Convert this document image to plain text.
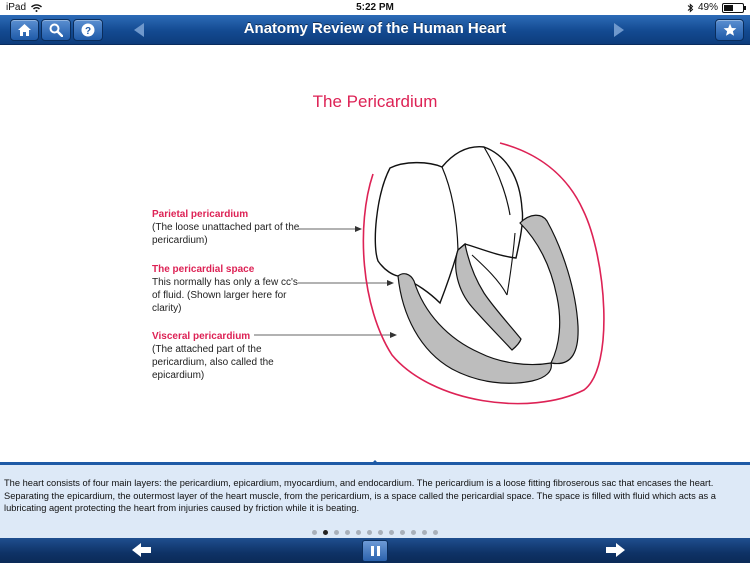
iPad	5:22 PM	49%
?	Anatomy Review of the Human Heart
The Pericardium
Parietal pericardium
(The loose unattached part of the pericardium)
The pericardial space
This normally has only a few cc's of fluid. (Shown larger here for clarity)
Visceral pericardium
(The attached part of the pericardium, also called the epicardium)
The heart consists of four main layers: the pericardium, epicardium, myocardium, and endocardium. The pericardium is a loose fitting fibroserous sac that encases the heart. Separating the epicardium, the outermost layer of the heart muscle, from the pericardium, is a space called the pericardial space. The space is filled with fluid which acts as a lubricating agent protecting the heart from injuries caused by friction while it is beating.
